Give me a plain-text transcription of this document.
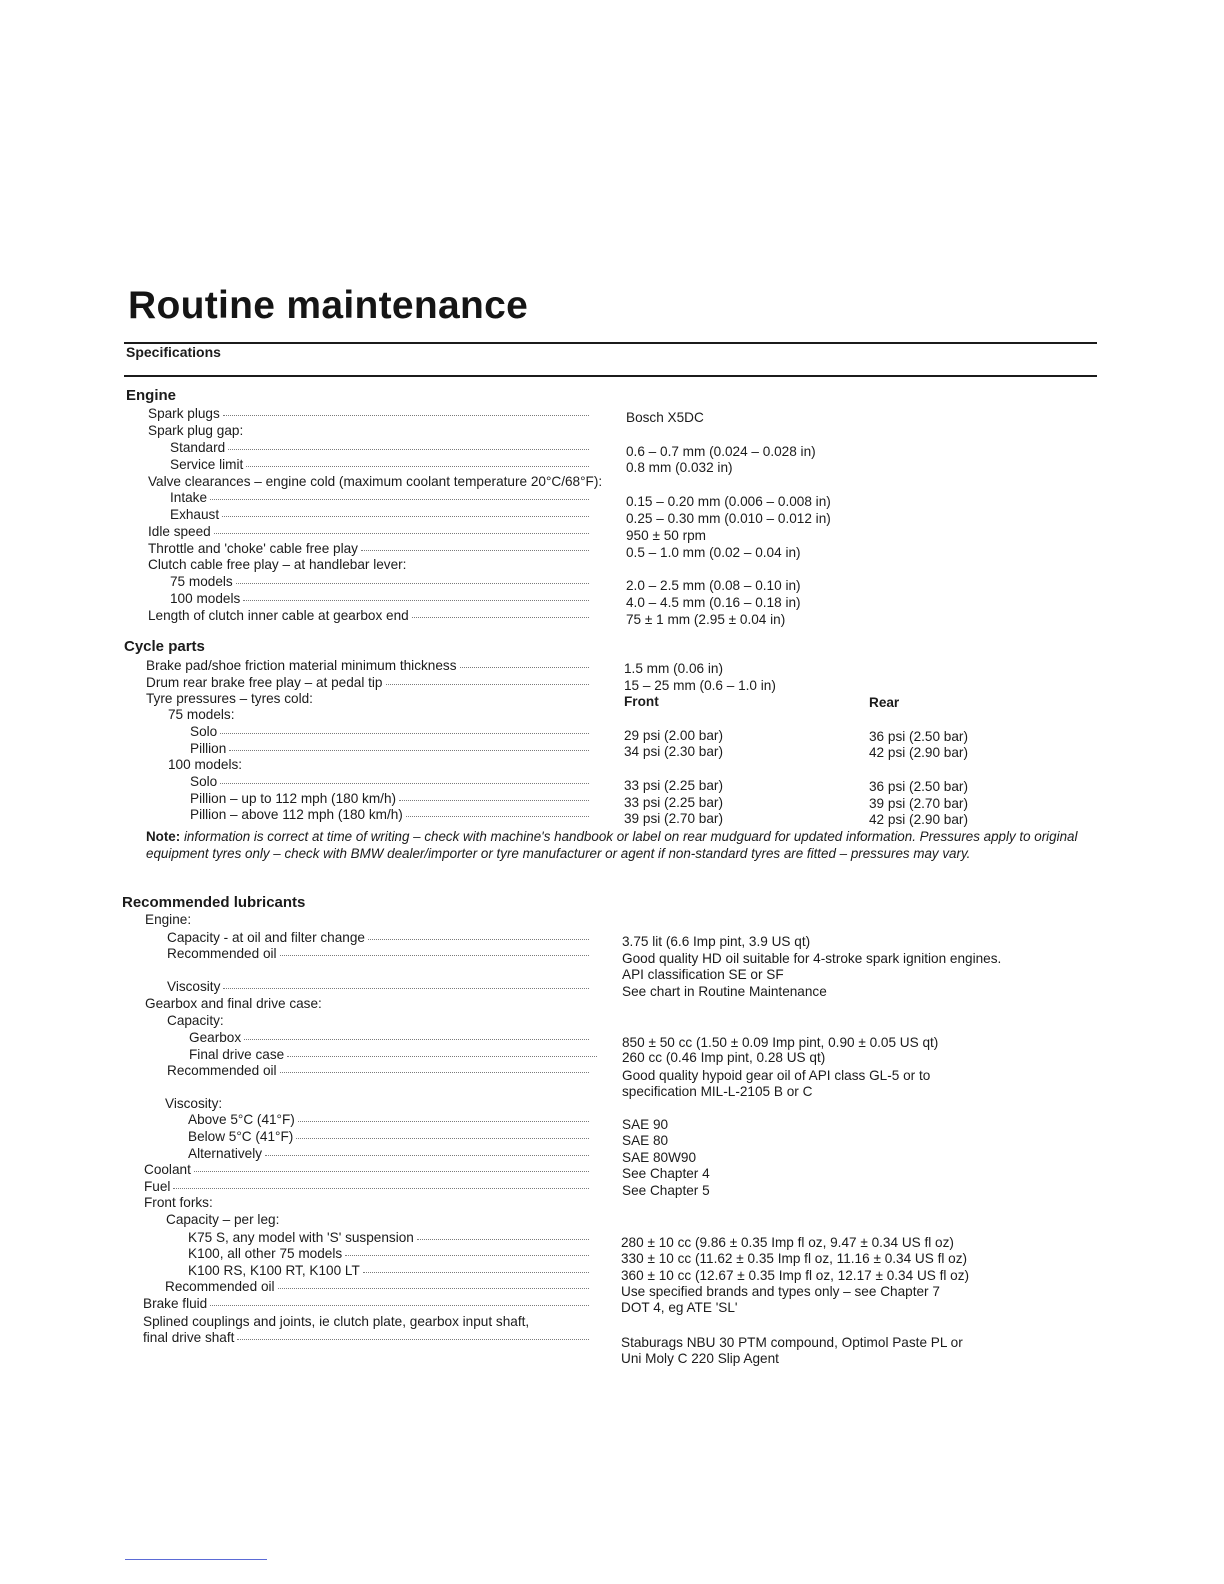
Routine maintenance
Specifications
Engine
Spark plugs	Bosch X5DC
Spark plug gap:
Standard	0.6 – 0.7 mm (0.024 – 0.028 in)
Service limit	0.8 mm (0.032 in)
Valve clearances – engine cold (maximum coolant temperature 20°C/68°F):
Intake	0.15 – 0.20 mm (0.006 – 0.008 in)
Exhaust	0.25 – 0.30 mm (0.010 – 0.012 in)
Idle speed	950 ± 50 rpm
Throttle and 'choke' cable free play	0.5 – 1.0 mm (0.02 – 0.04 in)
Clutch cable free play – at handlebar lever:
75 models	2.0 – 2.5 mm (0.08 – 0.10 in)
100 models	4.0 – 4.5 mm (0.16 – 0.18 in)
Length of clutch inner cable at gearbox end	75 ± 1 mm (2.95 ± 0.04 in)
Cycle parts
Brake pad/shoe friction material minimum thickness	1.5 mm (0.06 in)
Drum rear brake free play – at pedal tip	15 – 25 mm (0.6 – 1.0 in)
Tyre pressures – tyres cold:	Front	Rear
75 models:
Solo	29 psi (2.00 bar)	36 psi (2.50 bar)
Pillion	34 psi (2.30 bar)	42 psi (2.90 bar)
100 models:
Solo	33 psi (2.25 bar)	36 psi (2.50 bar)
Pillion – up to 112 mph (180 km/h)	33 psi (2.25 bar)	39 psi (2.70 bar)
Pillion – above 112 mph (180 km/h)	39 psi (2.70 bar)	42 psi (2.90 bar)
Note: information is correct at time of writing – check with machine's handbook or label on rear mudguard for updated information. Pressures apply to original equipment tyres only – check with BMW dealer/importer or tyre manufacturer or agent if non-standard tyres are fitted – pressures may vary.
Recommended lubricants
Engine:
Capacity - at oil and filter change	3.75 lit (6.6 Imp pint, 3.9 US qt)
Recommended oil	Good quality HD oil suitable for 4-stroke spark ignition engines.
API classification SE or SF
Viscosity	See chart in Routine Maintenance
Gearbox and final drive case:
Capacity:
Gearbox	850 ± 50 cc (1.50 ± 0.09 Imp pint, 0.90 ± 0.05 US qt)
Final drive case	260 cc (0.46 Imp pint, 0.28 US qt)
Recommended oil	Good quality hypoid gear oil of API class GL-5 or to
specification MIL-L-2105 B or C
Viscosity:
Above 5°C (41°F)	SAE 90
Below 5°C (41°F)	SAE 80
Alternatively	SAE 80W90
Coolant	See Chapter 4
Fuel	See Chapter 5
Front forks:
Capacity – per leg:
K75 S, any model with 'S' suspension	280 ± 10 cc (9.86 ± 0.35 Imp fl oz, 9.47 ± 0.34 US fl oz)
K100, all other 75 models	330 ± 10 cc (11.62 ± 0.35 Imp fl oz, 11.16 ± 0.34 US fl oz)
K100 RS, K100 RT, K100 LT	360 ± 10 cc (12.67 ± 0.35 Imp fl oz, 12.17 ± 0.34 US fl oz)
Recommended oil	Use specified brands and types only – see Chapter 7
Brake fluid	DOT 4, eg ATE 'SL'
Splined couplings and joints, ie clutch plate, gearbox input shaft,
final drive shaft	Staburags NBU 30 PTM compound, Optimol Paste PL or
Uni Moly C 220 Slip Agent
